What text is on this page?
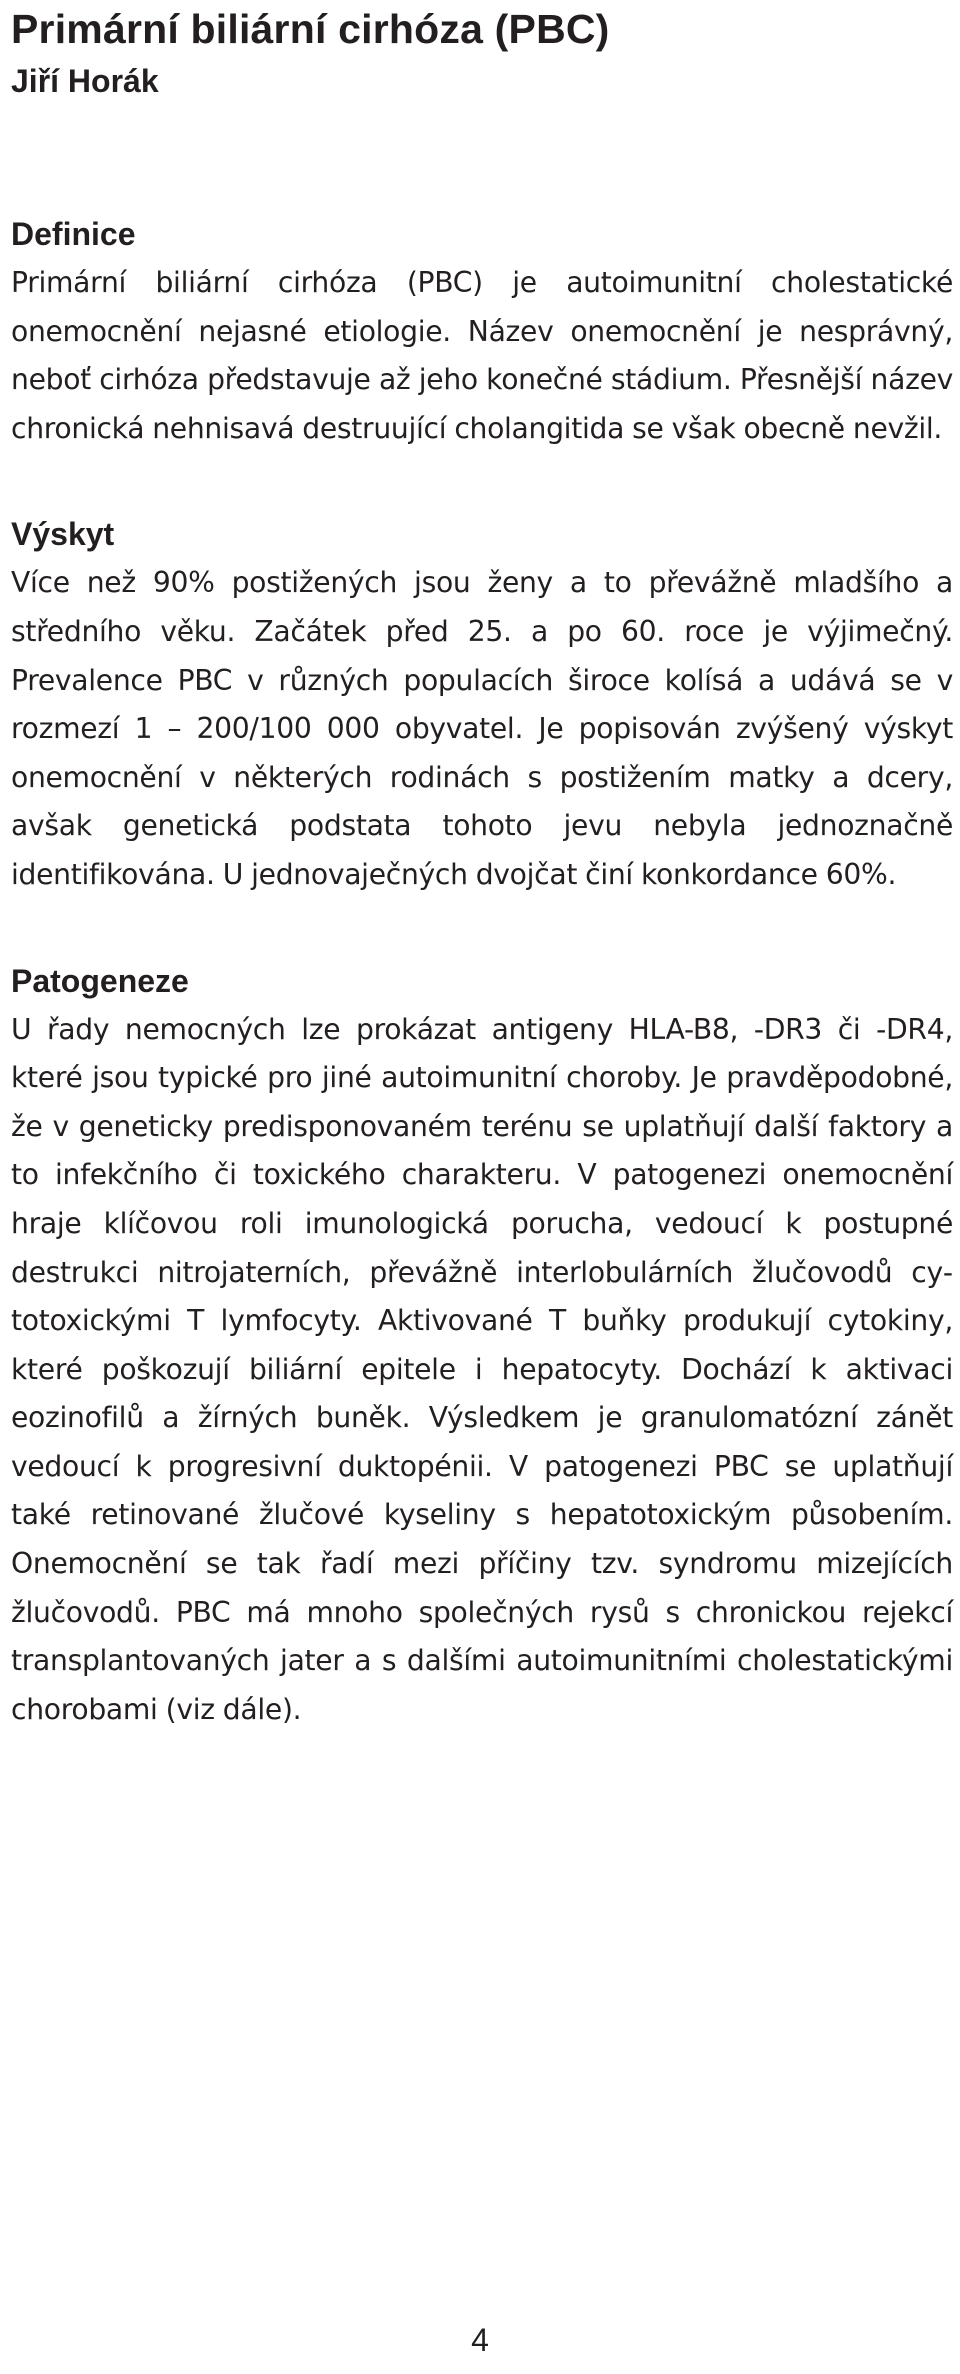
Primární biliární cirhóza (PBC)

Jiří Horák

Definice

Primární biliární cirhóza (PBC) je autoimunitní cholestatické onemocnění nejasné etiologie. Název onemocnění je nesprávný, neboť cirhóza představuje až jeho konečné stádium. Přesnější název chronická nehnisavá destruující cholangitida se však obecně nevžil.

Výskyt

Více než 90% postižených jsou ženy a to převážně mladšího a středního věku. Začátek před 25. a po 60. roce je výjimečný. Prevalence PBC v různých populacích široce kolísá a udává se v rozmezí 1 – 200/100 000 obyvatel. Je popisován zvýšený výskyt onemocnění v některých rodinách s postižením matky a dcery, avšak genetická podstata tohoto jevu nebyla jednoznačně identifikována. U jednovaječných dvojčat činí konkordance 60%.

Patogeneze

U řady nemocných lze prokázat antigeny HLA-B8, -DR3 či -DR4, které jsou typické pro jiné autoimunitní choroby. Je pravděpodobné, že v geneticky predisponovaném terénu se uplatňují další faktory a to infekčního či toxického charakteru. V patogenezi onemocnění hraje klíčovou roli imunologická porucha, vedoucí k postupné destrukci nitrojaterních, převážně interlobulárních žlučovodů cytotoxickými T lymfocyty. Aktivované T buňky produkují cytokiny, které poškozují biliární epitele i hepatocyty. Dochází k aktivaci eozinofilů a žírných buněk. Výsledkem je granulomatózní zánět vedoucí k progresivní duktopénii. V patogenezi PBC se uplatňují také retinované žlučové kyseliny s hepatotoxickým působením. Onemocnění se tak řadí mezi příčiny tzv. syndromu mizejících žlučovodů. PBC má mnoho společných rysů s chronickou rejekcí transplantovaných jater a s dalšími autoimunitními cholestatickými chorobami (viz dále).

4
